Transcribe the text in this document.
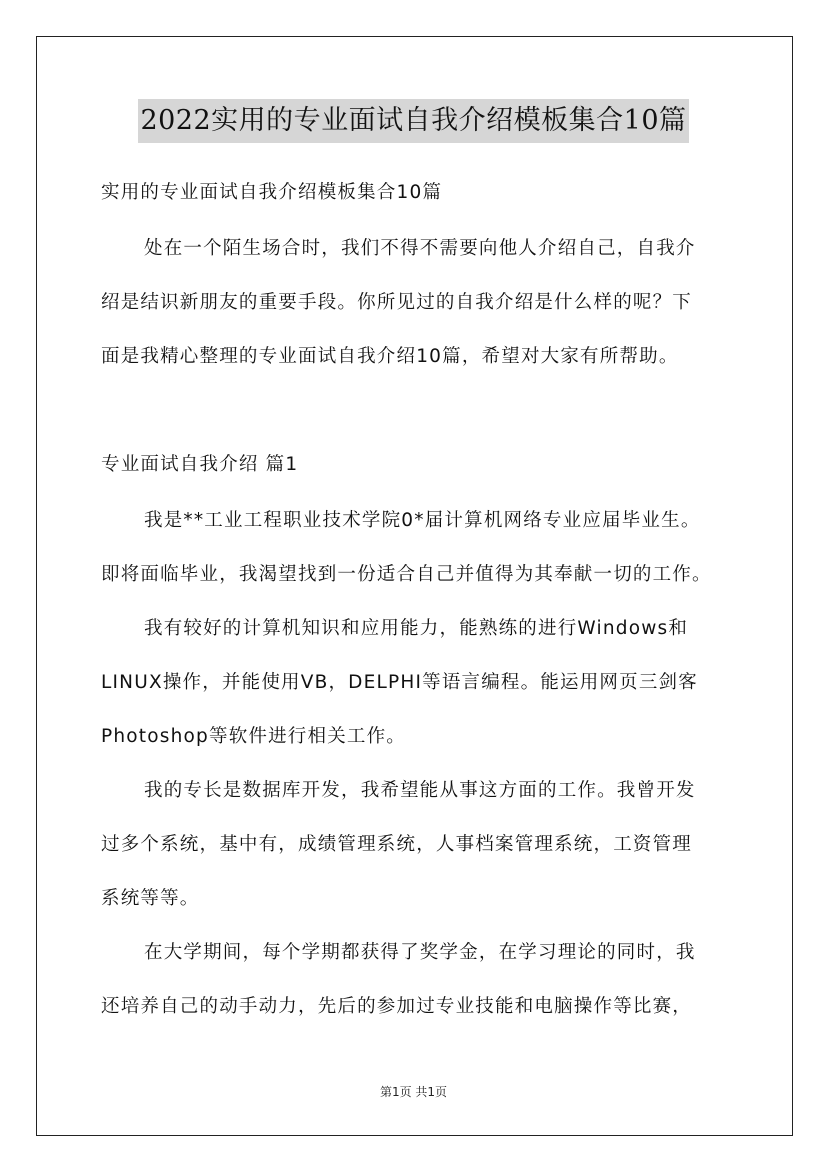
2022实用的专业面试自我介绍模板集合10篇
实用的专业面试自我介绍模板集合10篇
处在一个陌生场合时，我们不得不需要向他人介绍自己，自我介
绍是结识新朋友的重要手段。你所见过的自我介绍是什么样的呢？下
面是我精心整理的专业面试自我介绍10篇，希望对大家有所帮助。
专业面试自我介绍 篇1
我是**工业工程职业技术学院0*届计算机网络专业应届毕业生。
即将面临毕业，我渴望找到一份适合自己并值得为其奉献一切的工作。
我有较好的计算机知识和应用能力，能熟练的进行Windows和
LINUX操作，并能使用VB，DELPHI等语言编程。能运用网页三剑客
Photoshop等软件进行相关工作。
我的专长是数据库开发，我希望能从事这方面的工作。我曾开发
过多个系统，基中有，成绩管理系统，人事档案管理系统，工资管理
系统等等。
在大学期间，每个学期都获得了奖学金，在学习理论的同时，我
还培养自己的动手动力，先后的参加过专业技能和电脑操作等比赛，
第1页 共1页
